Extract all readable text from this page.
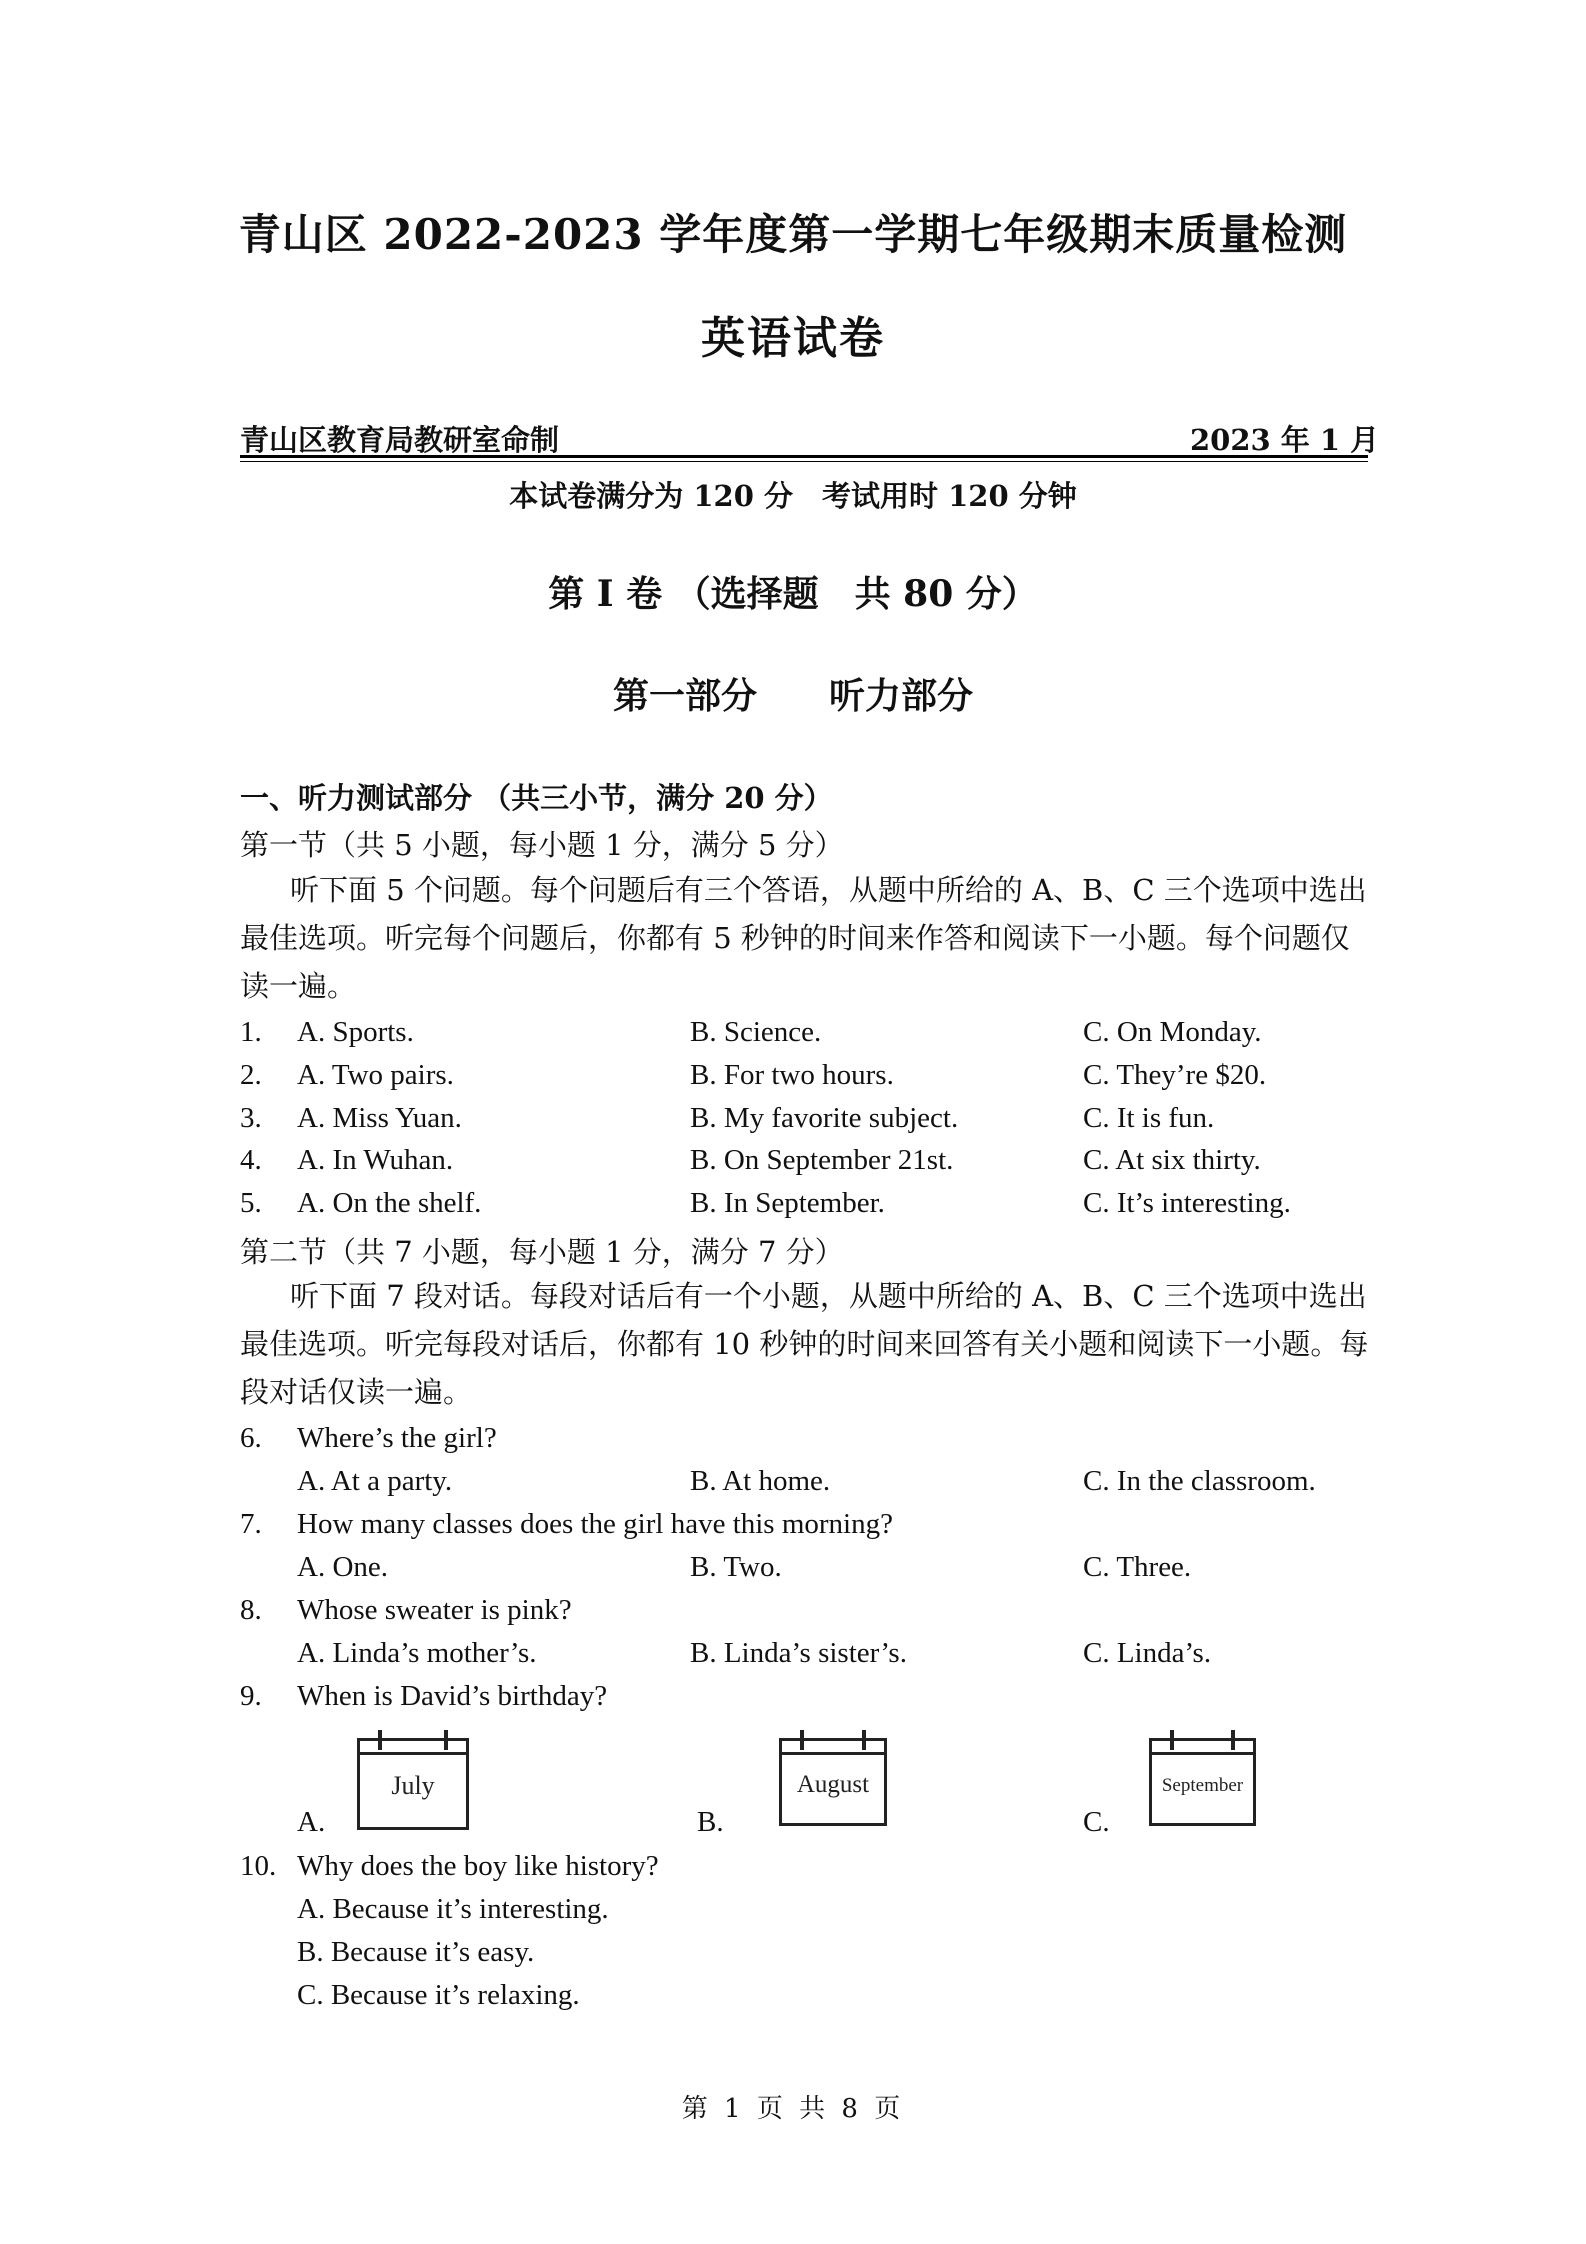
青山区 2022-2023 学年度第一学期七年级期末质量检测
英语试卷
青山区教育局教研室命制	2023 年 1 月
本试卷满分为 120 分　考试用时 120 分钟
第 I 卷 （选择题　共 80 分）
第一部分　　听力部分
一、听力测试部分 （共三小节，满分 20 分）
第一节（共 5 小题，每小题 1 分，满分 5 分）

听下面 5 个问题。每个问题后有三个答语，从题中所给的 A、B、C 三个选项中选出最佳选项。听完每个问题后，你都有 5 秒钟的时间来作答和阅读下一小题。每个问题仅读一遍。

1. A. Sports.	B. Science.	C. On Monday.
2. A. Two pairs.	B. For two hours.	C. They’re $20.
3. A. Miss Yuan.	B. My favorite subject.	C. It is fun.
4. A. In Wuhan.	B. On September 21st.	C. At six thirty.
5. A. On the shelf.	B. In September.	C. It’s interesting.
第二节（共 7 小题，每小题 1 分，满分 7 分）

听下面 7 段对话。每段对话后有一个小题，从题中所给的 A、B、C 三个选项中选出最佳选项。听完每段对话后，你都有 10 秒钟的时间来回答有关小题和阅读下一小题。每段对话仅读一遍。

6. Where’s the girl?
A. At a party.	B. At home.	C. In the classroom.
7. How many classes does the girl have this morning?
A. One.	B. Two.	C. Three.
8. Whose sweater is pink?
A. Linda’s mother’s.	B. Linda’s sister’s.	C. Linda’s.
9. When is David’s birthday?
A.
July
B.
August
C.
September
10. Why does the boy like history?
A. Because it’s interesting.
B. Because it’s easy.
C. Because it’s relaxing.
第 1 页 共 8 页
